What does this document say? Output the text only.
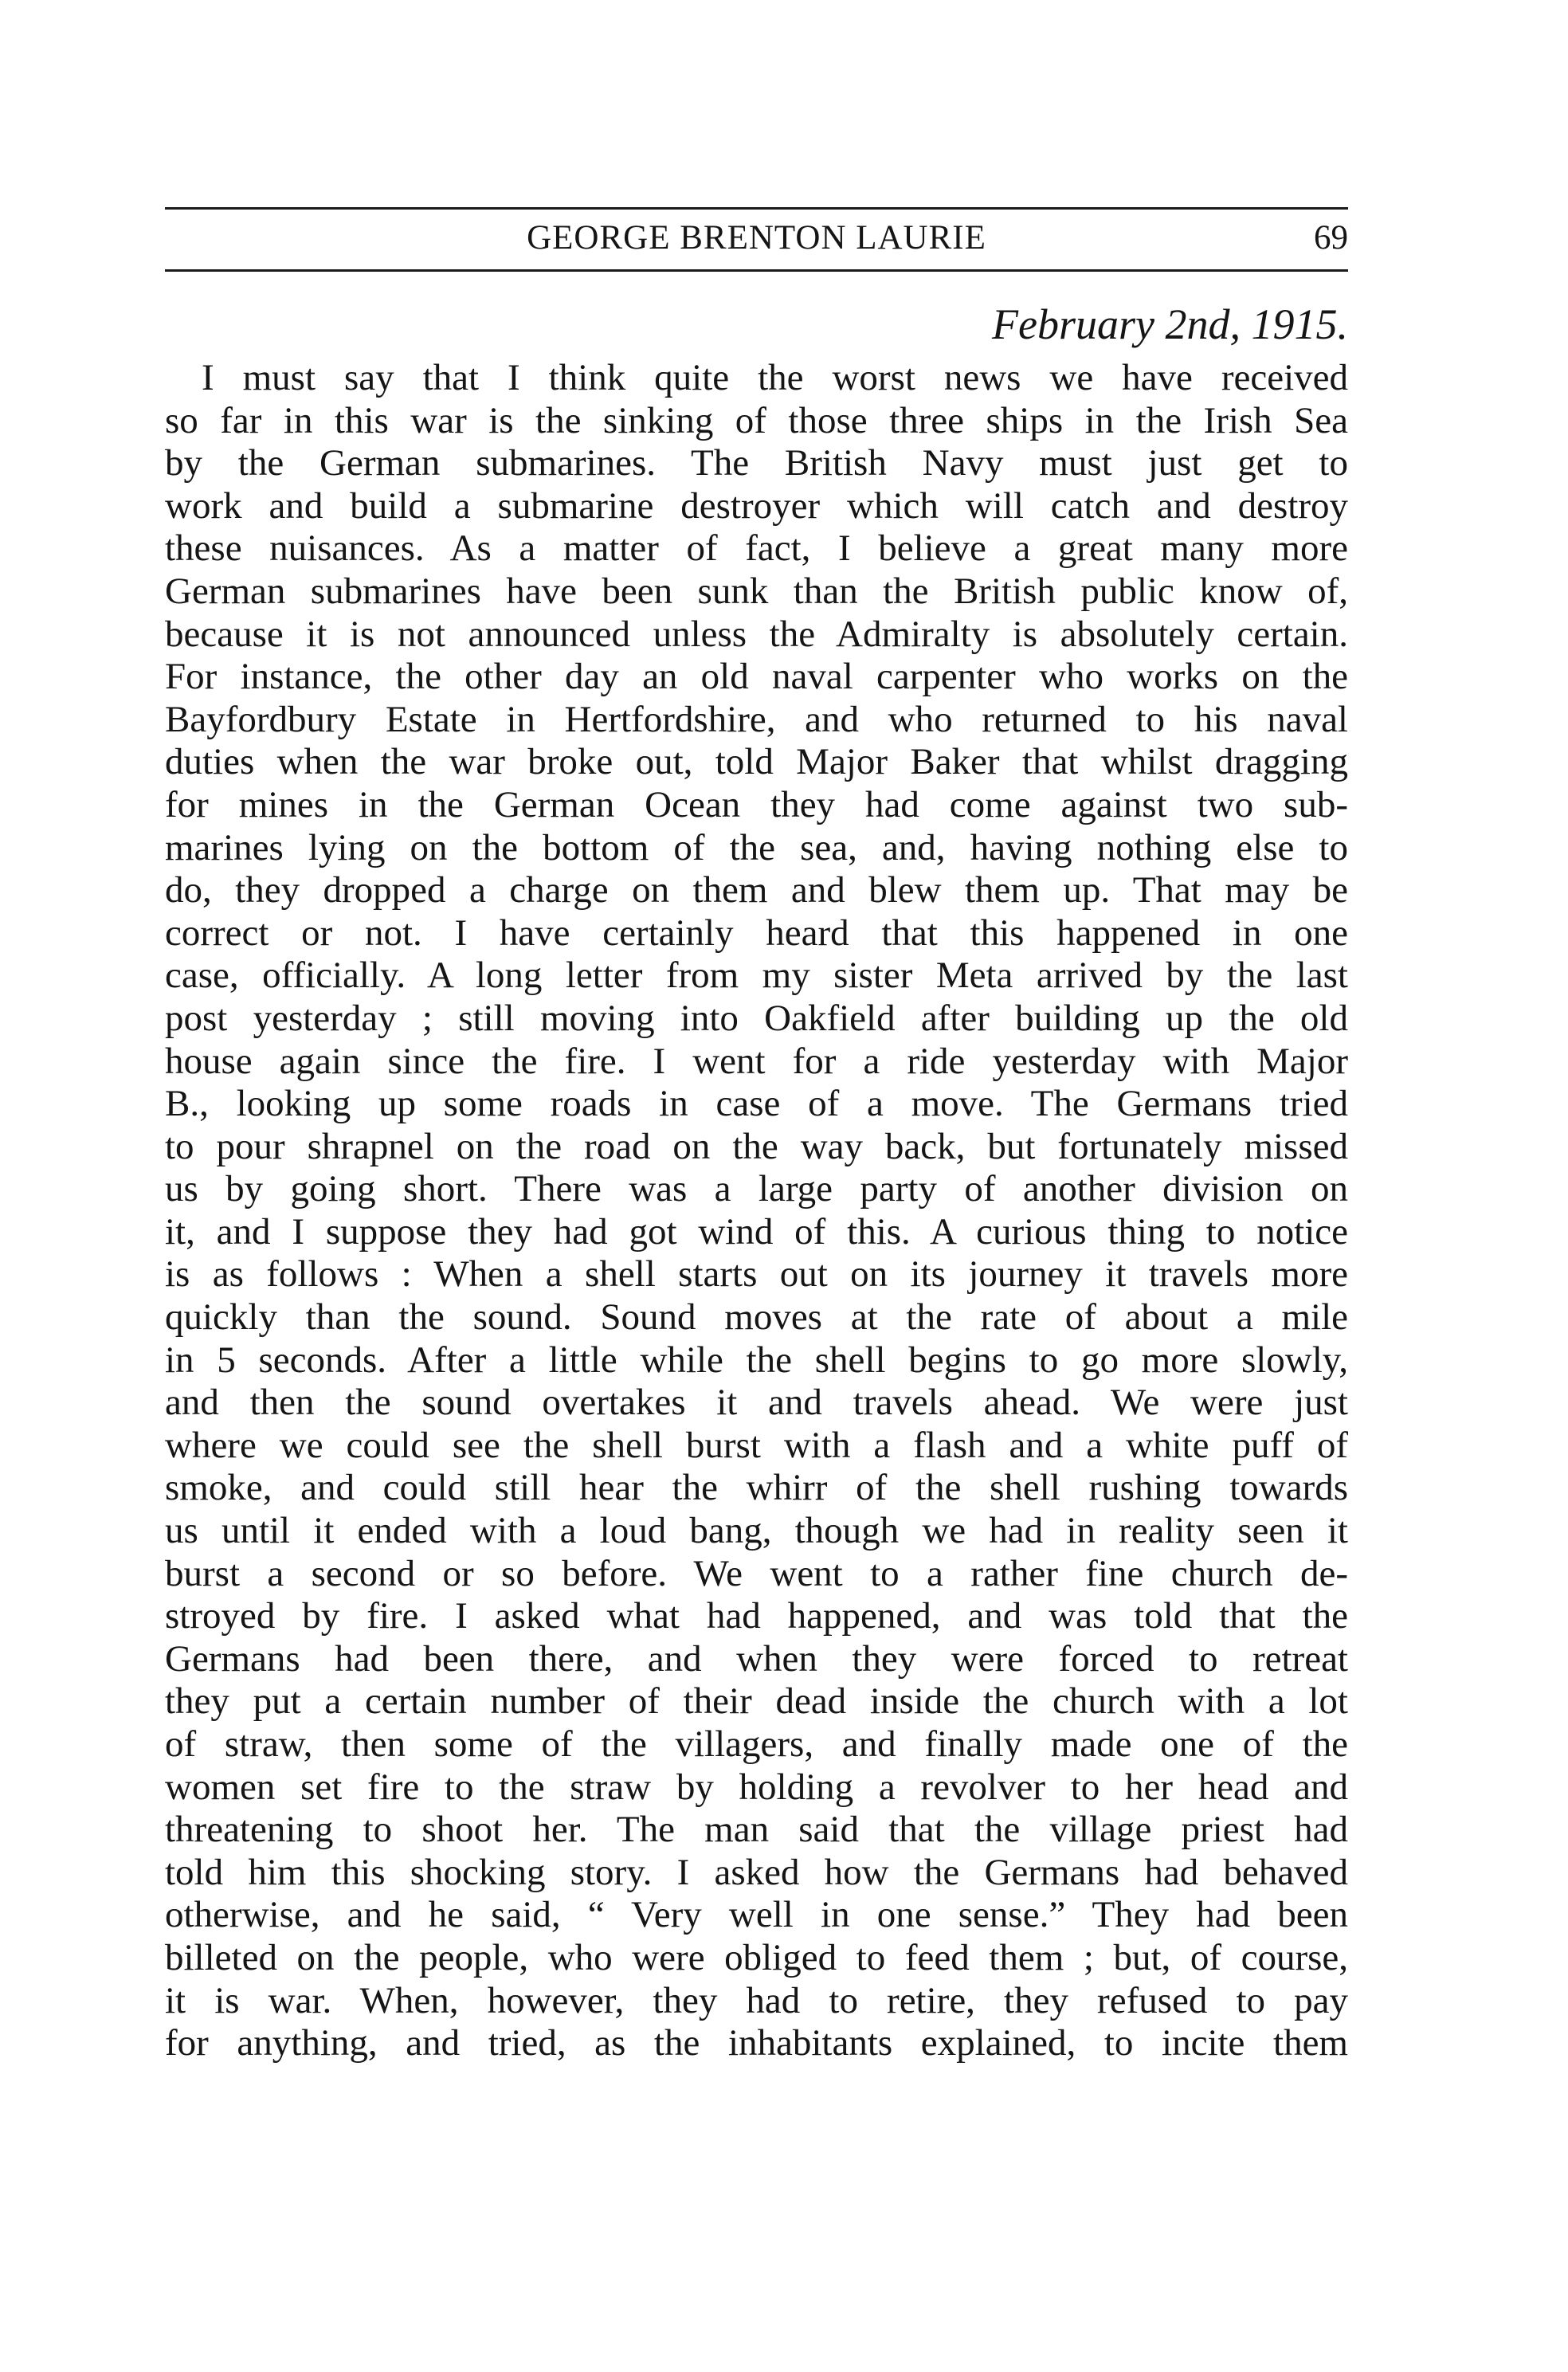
GEORGE BRENTON LAURIE	69
February 2nd, 1915.
I must say that I think quite the worst news we have received
so far in this war is the sinking of those three ships in the Irish Sea
by the German submarines. The British Navy must just get to
work and build a submarine destroyer which will catch and destroy
these nuisances. As a matter of fact, I believe a great many more
German submarines have been sunk than the British public know of,
because it is not announced unless the Admiralty is absolutely certain.
For instance, the other day an old naval carpenter who works on the
Bayfordbury Estate in Hertfordshire, and who returned to his naval
duties when the war broke out, told Major Baker that whilst dragging
for mines in the German Ocean they had come against two sub-
marines lying on the bottom of the sea, and, having nothing else to
do, they dropped a charge on them and blew them up. That may be
correct or not. I have certainly heard that this happened in one
case, officially. A long letter from my sister Meta arrived by the last
post yesterday ; still moving into Oakfield after building up the old
house again since the fire. I went for a ride yesterday with Major
B., looking up some roads in case of a move. The Germans tried
to pour shrapnel on the road on the way back, but fortunately missed
us by going short. There was a large party of another division on
it, and I suppose they had got wind of this. A curious thing to notice
is as follows : When a shell starts out on its journey it travels more
quickly than the sound. Sound moves at the rate of about a mile
in 5 seconds. After a little while the shell begins to go more slowly,
and then the sound overtakes it and travels ahead. We were just
where we could see the shell burst with a flash and a white puff of
smoke, and could still hear the whirr of the shell rushing towards
us until it ended with a loud bang, though we had in reality seen it
burst a second or so before. We went to a rather fine church de-
stroyed by fire. I asked what had happened, and was told that the
Germans had been there, and when they were forced to retreat
they put a certain number of their dead inside the church with a lot
of straw, then some of the villagers, and finally made one of the
women set fire to the straw by holding a revolver to her head and
threatening to shoot her. The man said that the village priest had
told him this shocking story. I asked how the Germans had behaved
otherwise, and he said, “ Very well in one sense.” They had been
billeted on the people, who were obliged to feed them ; but, of course,
it is war. When, however, they had to retire, they refused to pay
for anything, and tried, as the inhabitants explained, to incite them
